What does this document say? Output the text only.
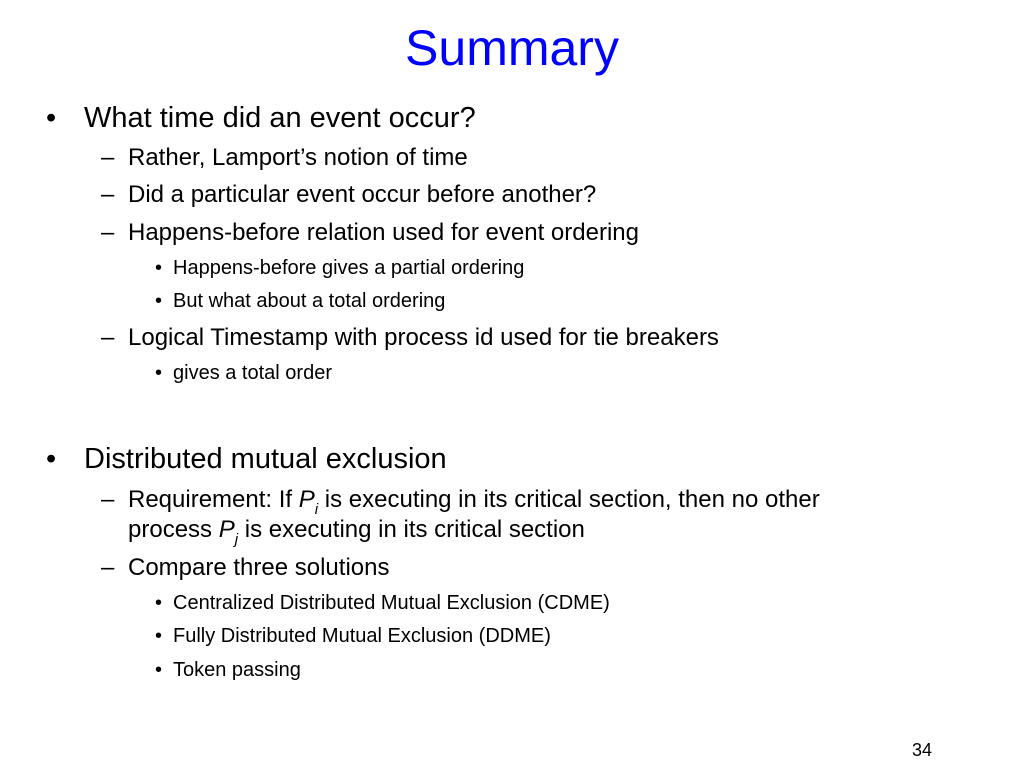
Summary
• What time did an event occur?
– Rather, Lamport’s notion of time
– Did a particular event occur before another?
– Happens-before relation used for event ordering
• Happens-before gives a partial ordering
• But what about a total ordering
– Logical Timestamp with process id used for tie breakers
• gives a total order
• Distributed mutual exclusion
– Requirement: If $P_i$ is executing in its critical section, then no other
process $P_j$ is executing in its critical section
– Compare three solutions
• Centralized Distributed Mutual Exclusion (CDME)
• Fully Distributed Mutual Exclusion (DDME)
• Token passing
34
